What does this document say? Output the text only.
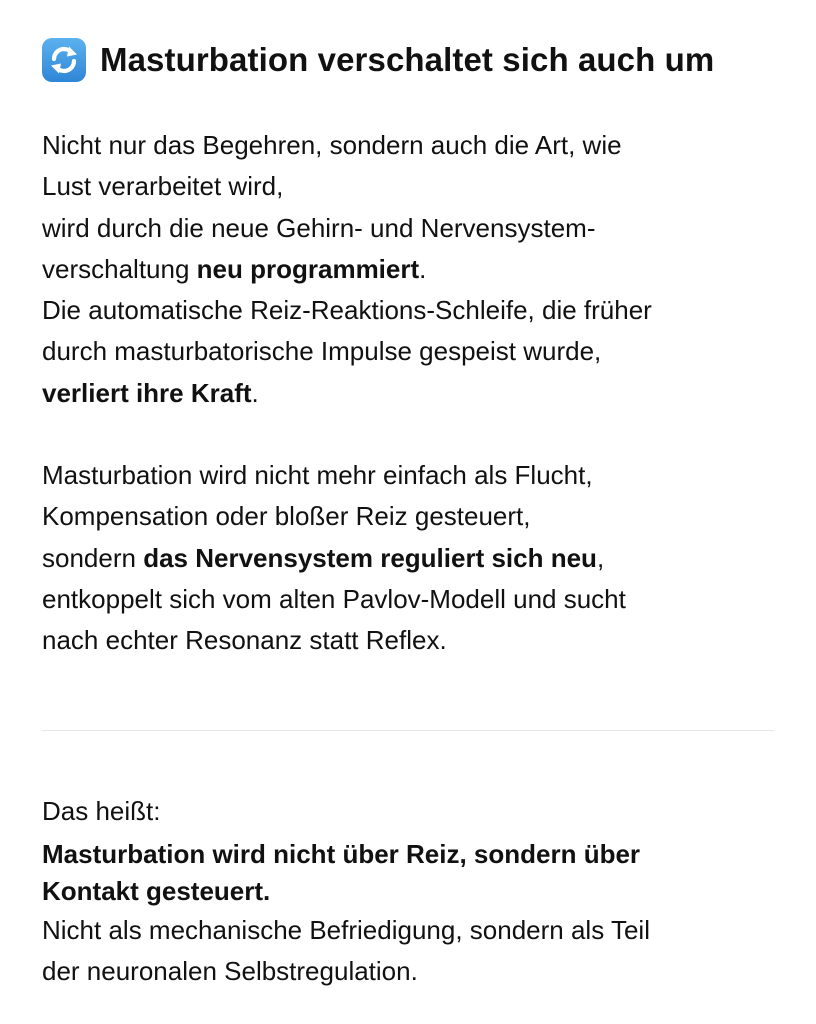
Masturbation verschaltet sich auch um

Nicht nur das Begehren, sondern auch die Art, wie
Lust verarbeitet wird,
wird durch die neue Gehirn- und Nervensystem-
verschaltung neu programmiert.
Die automatische Reiz-Reaktions-Schleife, die früher
durch masturbatorische Impulse gespeist wurde,
verliert ihre Kraft.

Masturbation wird nicht mehr einfach als Flucht,
Kompensation oder bloßer Reiz gesteuert,
sondern das Nervensystem reguliert sich neu,
entkoppelt sich vom alten Pavlov-Modell und sucht
nach echter Resonanz statt Reflex.

Das heißt:

Masturbation wird nicht über Reiz, sondern über
Kontakt gesteuert.

Nicht als mechanische Befriedigung, sondern als Teil
der neuronalen Selbstregulation.
